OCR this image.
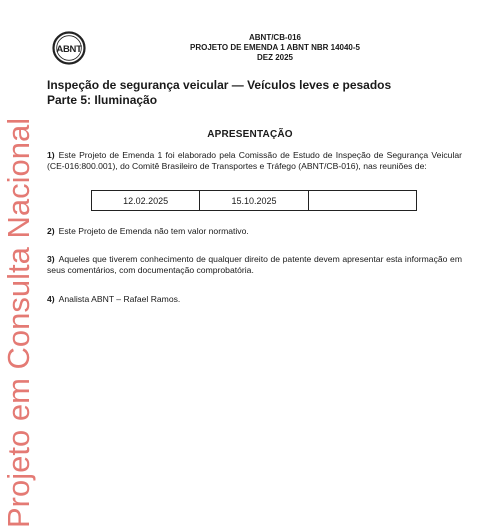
ABNT
ABNT/CB-016
PROJETO DE EMENDA 1 ABNT NBR 14040-5
DEZ 2025
Inspeção de segurança veicular — Veículos leves e pesados
Parte 5: Iluminação
APRESENTAÇÃO
1) Este Projeto de Emenda 1 foi elaborado pela Comissão de Estudo de Inspeção de Segurança Veicular (CE-016:800.001), do Comitê Brasileiro de Transportes e Tráfego (ABNT/CB-016), nas reuniões de:
12.02.2025	15.10.2025	
2) Este Projeto de Emenda não tem valor normativo.
3) Aqueles que tiverem conhecimento de qualquer direito de patente devem apresentar esta informação em seus comentários, com documentação comprobatória.
4) Analista ABNT – Rafael Ramos.
Projeto em Consulta Nacional
